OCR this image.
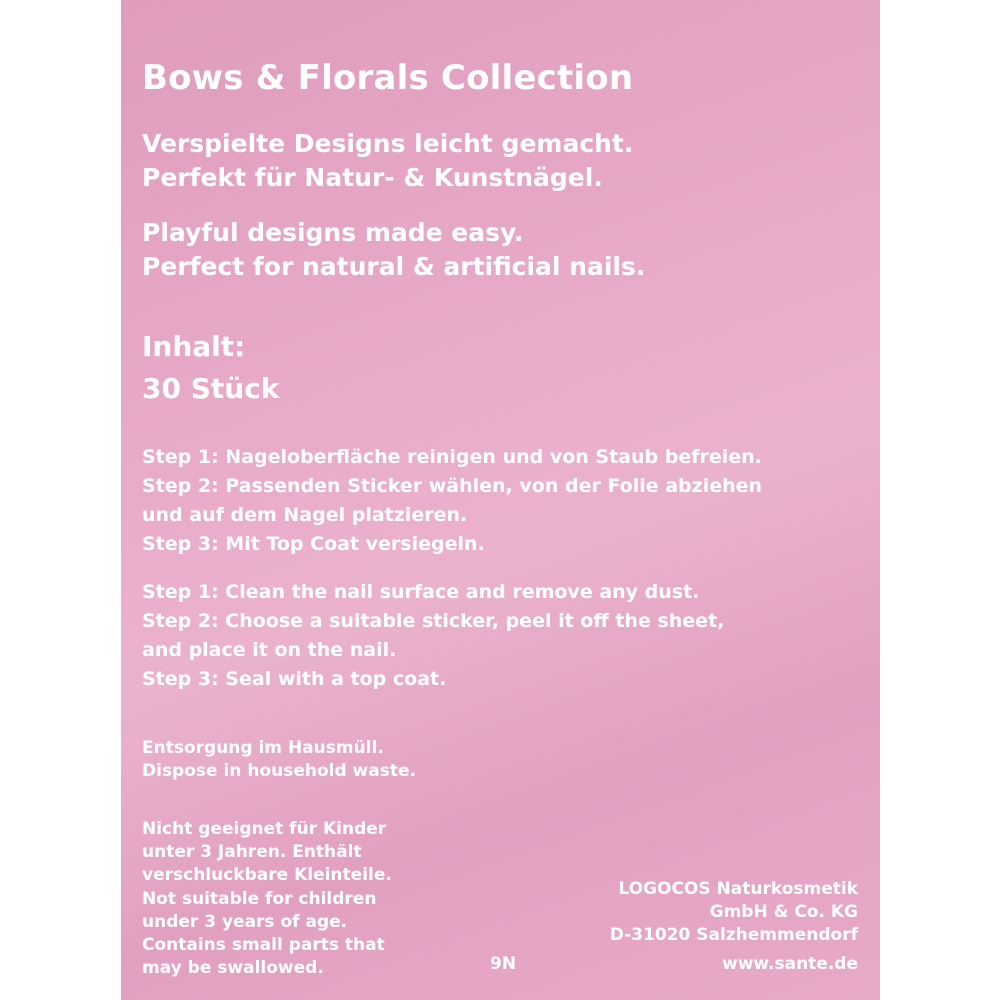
Bows & Florals Collection
Verspielte Designs leicht gemacht.
Perfekt für Natur- & Kunstnägel.
Playful designs made easy.
Perfect for natural & artificial nails.
Inhalt:
30 Stück
Step 1: Nageloberfläche reinigen und von Staub befreien.
Step 2: Passenden Sticker wählen, von der Folie abziehen
und auf dem Nagel platzieren.
Step 3: Mit Top Coat versiegeln.
Step 1: Clean the nail surface and remove any dust.
Step 2: Choose a suitable sticker, peel it off the sheet,
and place it on the nail.
Step 3: Seal with a top coat.
Entsorgung im Hausmüll.
Dispose in household waste.
Nicht geeignet für Kinder
unter 3 Jahren. Enthält
verschluckbare Kleinteile.
Not suitable for children
under 3 years of age.
Contains small parts that
may be swallowed.	9N
LOGOCOS Naturkosmetik
GmbH & Co. KG
D-31020 Salzhemmendorf
www.sante.de
